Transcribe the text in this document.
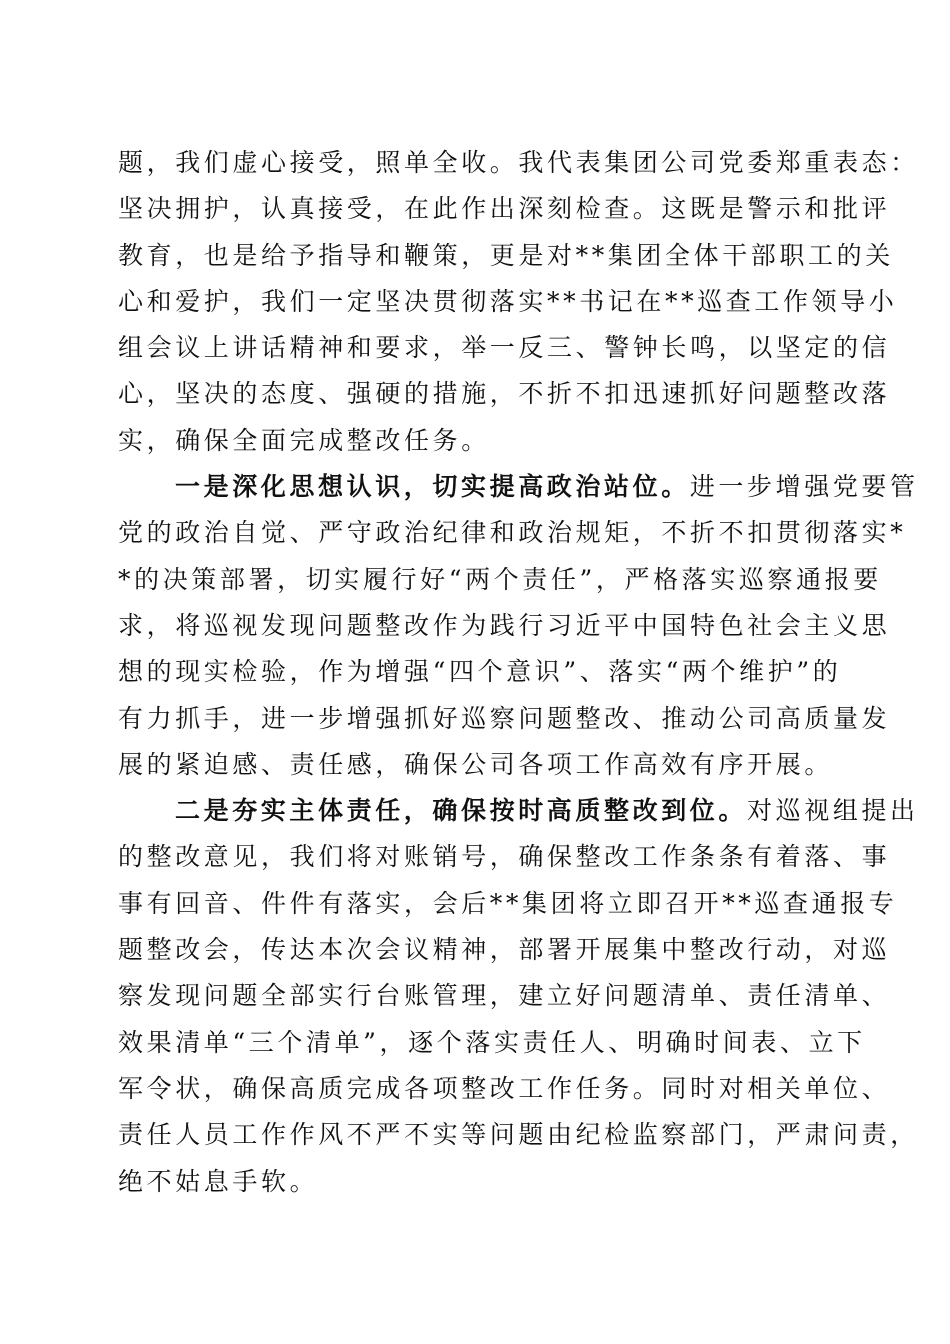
题，我们虚心接受，照单全收。我代表集团公司党委郑重表态：
坚决拥护，认真接受，在此作出深刻检查。这既是警示和批评
教育，也是给予指导和鞭策，更是对**集团全体干部职工的关
心和爱护，我们一定坚决贯彻落实**书记在**巡查工作领导小
组会议上讲话精神和要求，举一反三、警钟长鸣，以坚定的信
心，坚决的态度、强硬的措施，不折不扣迅速抓好问题整改落
实，确保全面完成整改任务。
一是深化思想认识，切实提高政治站位。进一步增强党要管
党的政治自觉、严守政治纪律和政治规矩，不折不扣贯彻落实*
*的决策部署，切实履行好“两个责任”，严格落实巡察通报要
求，将巡视发现问题整改作为践行习近平中国特色社会主义思
想的现实检验，作为增强“四个意识”、落实“两个维护”的
有力抓手，进一步增强抓好巡察问题整改、推动公司高质量发
展的紧迫感、责任感，确保公司各项工作高效有序开展。
二是夯实主体责任，确保按时高质整改到位。对巡视组提出
的整改意见，我们将对账销号，确保整改工作条条有着落、事
事有回音、件件有落实，会后**集团将立即召开**巡查通报专
题整改会，传达本次会议精神，部署开展集中整改行动，对巡
察发现问题全部实行台账管理，建立好问题清单、责任清单、
效果清单“三个清单”，逐个落实责任人、明确时间表、立下
军令状，确保高质完成各项整改工作任务。同时对相关单位、
责任人员工作作风不严不实等问题由纪检监察部门，严肃问责，
绝不姑息手软。
